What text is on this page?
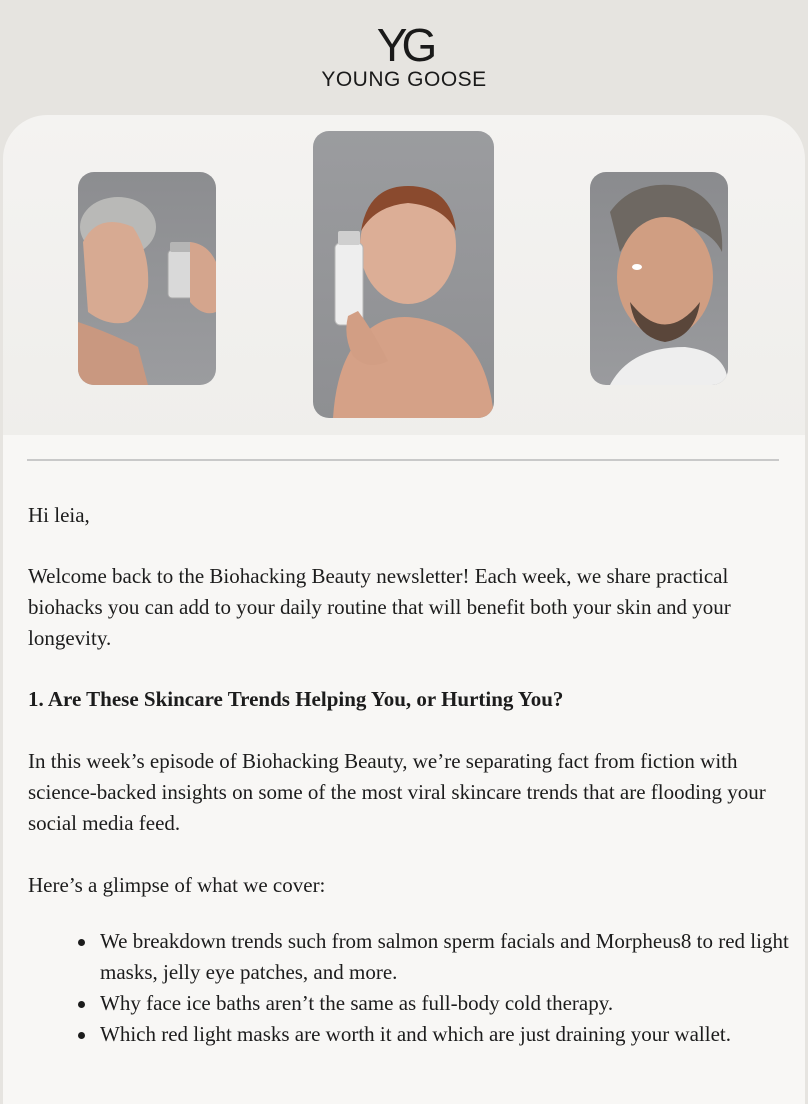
YG
YOUNG GOOSE

Hi leia,

Welcome back to the Biohacking Beauty newsletter! Each week, we share practical biohacks you can add to your daily routine that will benefit both your skin and your longevity.

1. Are These Skincare Trends Helping You, or Hurting You?

In this week’s episode of Biohacking Beauty, we’re separating fact from fiction with science-backed insights on some of the most viral skincare trends that are flooding your social media feed.

Here’s a glimpse of what we cover:

We breakdown trends such from salmon sperm facials and Morpheus8 to red light masks, jelly eye patches, and more.
Why face ice baths aren’t the same as full-body cold therapy.
Which red light masks are worth it and which are just draining your wallet.
